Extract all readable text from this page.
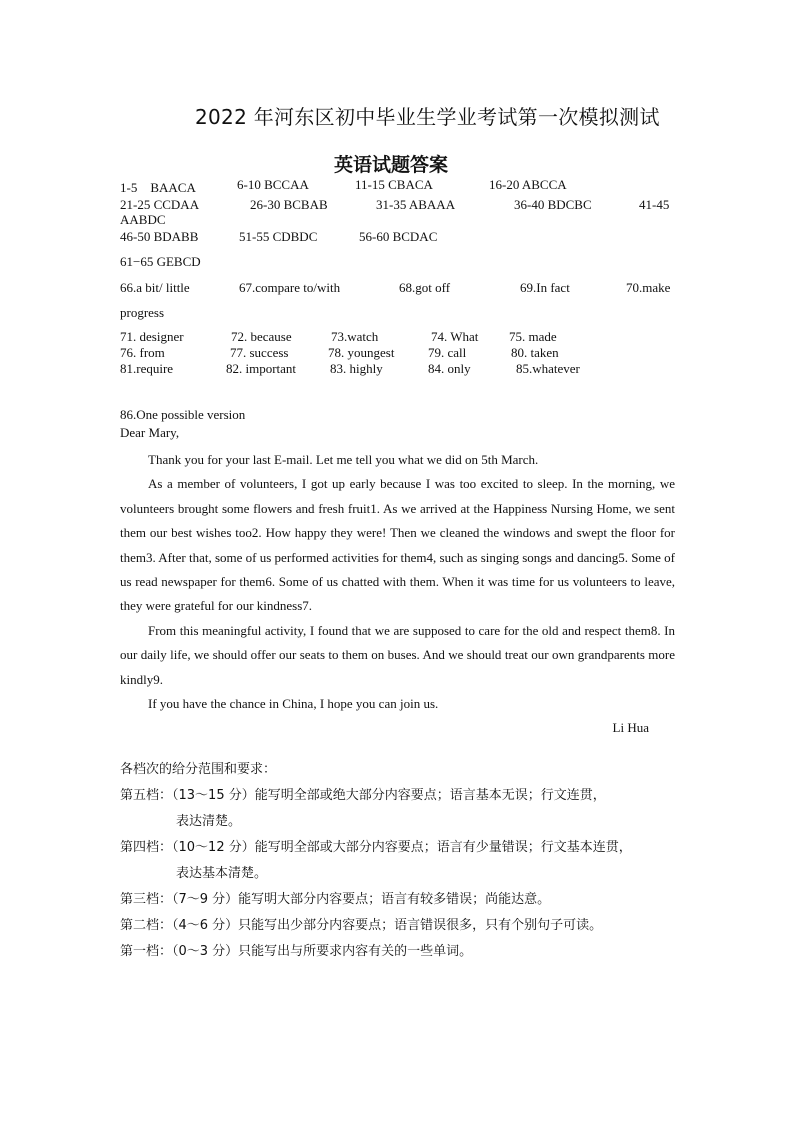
2022 年河东区初中毕业生学业考试第一次模拟测试
英语试题答案
1-5　BAACA	6-10 BCCAA	11-15 CBACA	16-20 ABCCA
21-25 CCDAA	26-30 BCBAB	31-35 ABAAA	36-40 BDCBC	41-45
AABDC
46-50 BDABB	51-55 CDBDC	56-60 BCDAC
61−65 GEBCD
66.a bit/ little	67.compare to/with	68.got off	69.In fact	70.make
progress
71. designer	72. because	73.watch	74. What 75. made
76. from	77. success	78. youngest	79. call	80. taken
81.require	82. important	83. highly	84. only	85.whatever

86.One possible version

Dear Mary,

Thank you for your last E-mail. Let me tell you what we did on 5th March.

As a member of volunteers, I got up early because I was too excited to sleep. In the morning, we volunteers brought some flowers and fresh fruit1. As we arrived at the Happiness Nursing Home, we sent them our best wishes too2. How happy they were! Then we cleaned the windows and swept the floor for them3. After that, some of us performed activities for them4, such as singing songs and dancing5. Some of us read newspaper for them6. Some of us chatted with them. When it was time for us volunteers to leave, they were grateful for our kindness7.

From this meaningful activity, I found that we are supposed to care for the old and respect them8. In our daily life, we should offer our seats to them on buses. And we should treat our own grandparents more kindly9.

If you have the chance in China, I hope you can join us.

Li Hua

各档次的给分范围和要求：
第五档：（13～15 分）能写明全部或绝大部分内容要点；语言基本无误；行文连贯，
表达清楚。
第四档：（10～12 分）能写明全部或大部分内容要点；语言有少量错误；行文基本连贯，
表达基本清楚。
第三档：（7～9 分）能写明大部分内容要点；语言有较多错误；尚能达意。
第二档：（4～6 分）只能写出少部分内容要点；语言错误很多，只有个别句子可读。
第一档：（0～3 分）只能写出与所要求内容有关的一些单词。
